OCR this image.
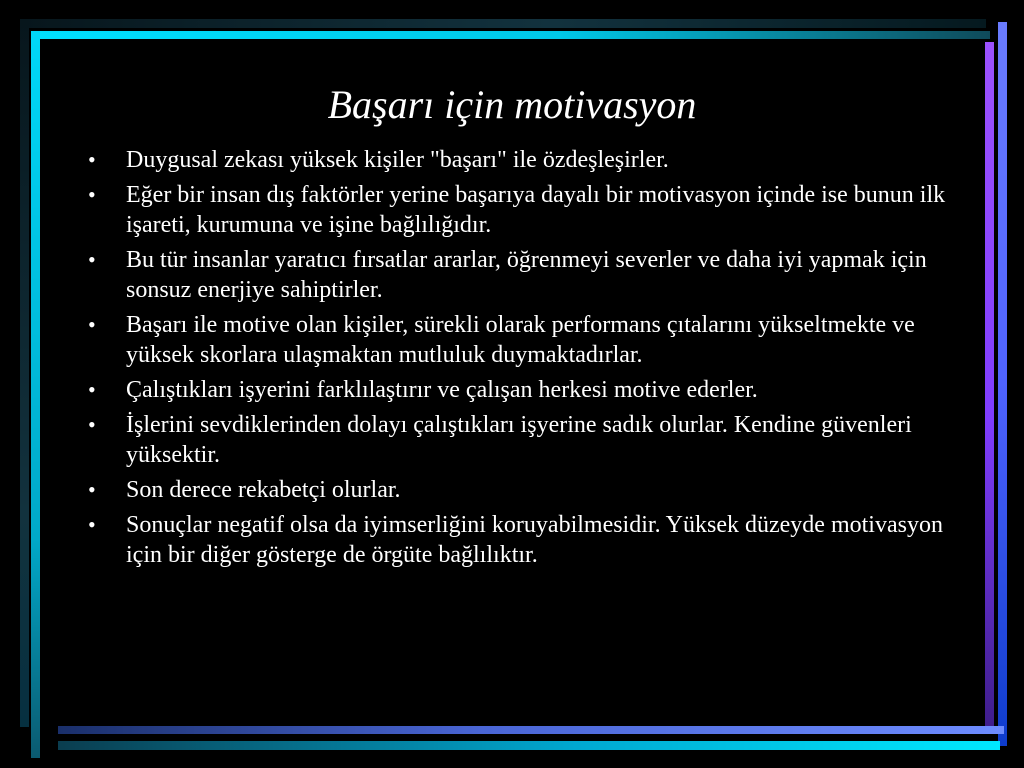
Başarı için motivasyon
•	Duygusal zekası yüksek kişiler "başarı" ile özdeşleşirler.
•	Eğer bir insan dış faktörler yerine başarıya dayalı bir motivasyon içinde ise bunun ilk işareti, kurumuna ve işine bağlılığıdır.
•	Bu tür insanlar yaratıcı fırsatlar ararlar, öğrenmeyi severler ve daha iyi yapmak için sonsuz enerjiye sahiptirler.
•	Başarı ile motive olan kişiler, sürekli olarak performans çıtalarını yükseltmekte ve yüksek skorlara ulaşmaktan mutluluk duymaktadırlar.
•	Çalıştıkları işyerini farklılaştırır ve çalışan herkesi motive ederler.
•	İşlerini sevdiklerinden dolayı çalıştıkları işyerine sadık olurlar. Kendine güvenleri yüksektir.
•	Son derece rekabetçi olurlar.
•	Sonuçlar negatif olsa da iyimserliğini koruyabilmesidir. Yüksek düzeyde motivasyon için bir diğer gösterge de örgüte bağlılıktır.
